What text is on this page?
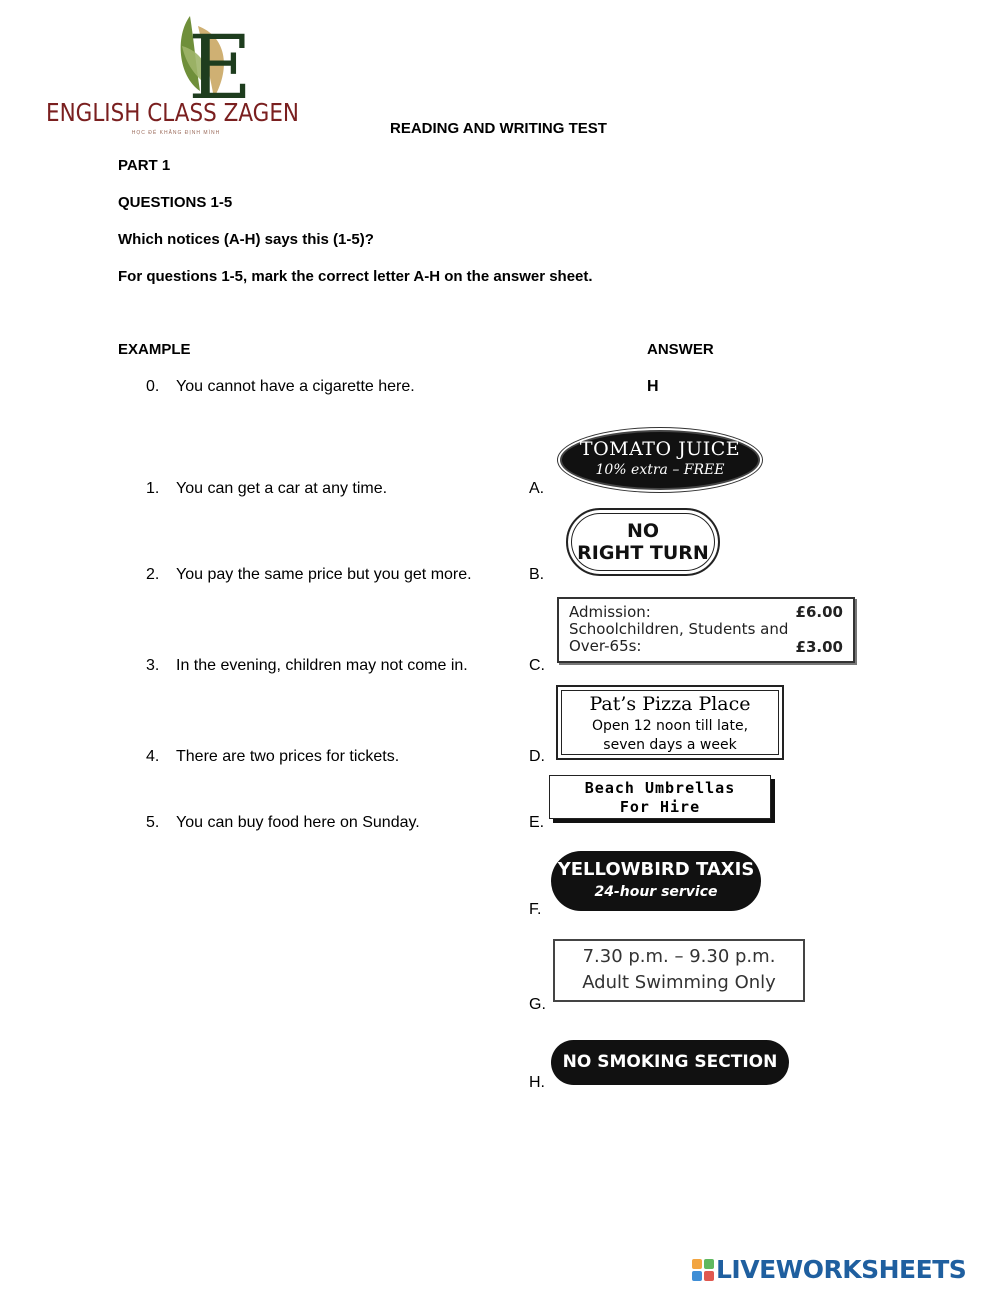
E
ENGLISH CLASS ZAGEN
HỌC ĐỂ KHẲNG ĐỊNH MÌNH	READING AND WRITING TEST
PART 1
QUESTIONS 1-5
Which notices (A-H) says this (1-5)?
For questions 1-5, mark the correct letter A-H on the answer sheet.
EXAMPLE	ANSWER
0. You cannot have a cigarette here.	H
1. You can get a car at any time.
2. You pay the same price but you get more.
3. In the evening, children may not come in.
4. There are two prices for tickets.
5. You can buy food here on Sunday.
A.
B.
C.
D.
E.
F.
G.
H.
TOMATO JUICE
10% extra – FREE
NO
RIGHT TURN
Admission:	£6.00
Schoolchildren, Students and
Over-65s:	£3.00
Pat’s Pizza Place
Open 12 noon till late,
seven days a week
Beach Umbrellas
For Hire
YELLOWBIRD TAXIS
24-hour service
7.30 p.m. – 9.30 p.m.
Adult Swimming Only
NO SMOKING SECTION
LIVEWORKSHEETS
